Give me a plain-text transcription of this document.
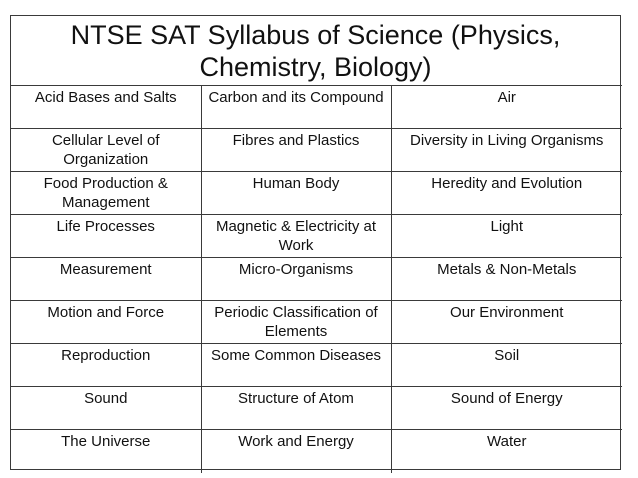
NTSE SAT Syllabus of Science (Physics, Chemistry, Biology)
Acid Bases and Salts	Carbon and its Compound	Air
Cellular Level of Organization	Fibres and Plastics	Diversity in Living Organisms
Food Production & Management	Human Body	Heredity and Evolution
Life Processes	Magnetic & Electricity at Work	Light
Measurement	Micro-Organisms	Metals & Non-Metals
Motion and Force	Periodic Classification of Elements	Our Environment
Reproduction	Some Common Diseases	Soil
Sound	Structure of Atom	Sound of Energy
The Universe	Work and Energy	Water
